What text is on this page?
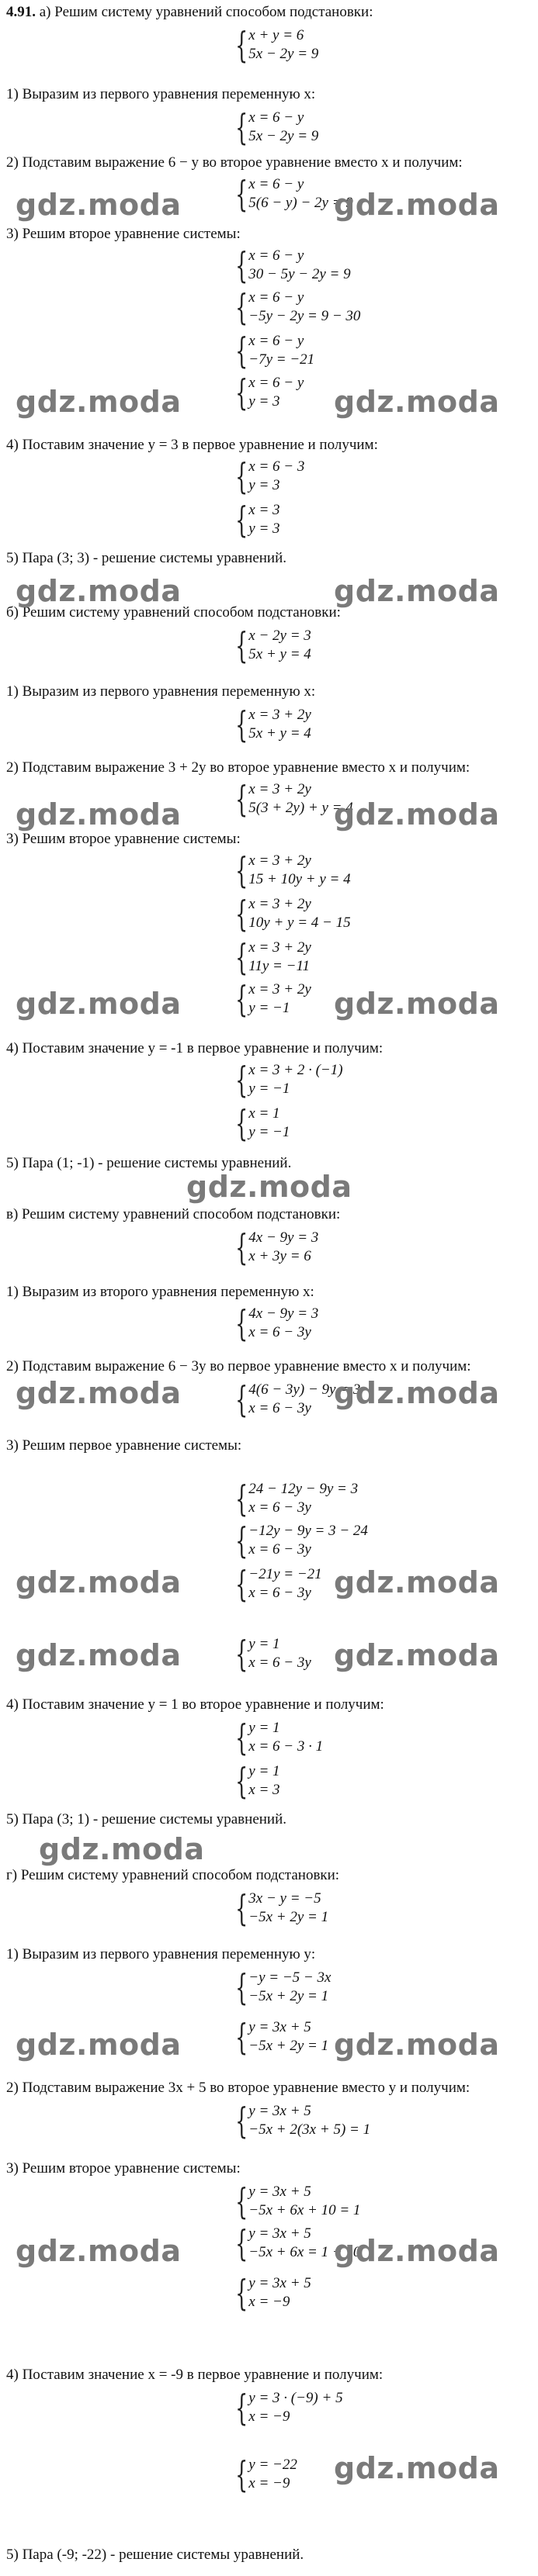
4.91. а) Решим систему уравнений способом подстановки:
1) Выразим из первого уравнения переменную x:
2) Подставим выражение 6 − y во второе уравнение вместо x и получим:
3) Решим второе уравнение системы:
4) Поставим значение y = 3 в первое уравнение и получим:
5) Пара (3; 3) - решение системы уравнений.
б) Решим систему уравнений способом подстановки:
1) Выразим из первого уравнения переменную x:
2) Подставим выражение 3 + 2y во второе уравнение вместо x и получим:
3) Решим второе уравнение системы:
4) Поставим значение y = -1 в первое уравнение и получим:
5) Пара (1; -1) - решение системы уравнений.
в) Решим систему уравнений способом подстановки:
1) Выразим из второго уравнения переменную x:
2) Подставим выражение 6 − 3y во первое уравнение вместо x и получим:
3) Решим первое уравнение системы:
4) Поставим значение y = 1 во второе уравнение и получим:
5) Пара (3; 1) - решение системы уравнений.
г) Решим систему уравнений способом подстановки:
1) Выразим из первого уравнения переменную y:
2) Подставим выражение 3x + 5 во второе уравнение вместо y и получим:
3) Решим второе уравнение системы:
4) Поставим значение x = -9 в первое уравнение и получим:
5) Пара (-9; -22) - решение системы уравнений.
{ x + y = 6
5x − 2y = 9
{ x = 6 − y
5x − 2y = 9
{ x = 6 − y
5(6 − y) − 2y = 9
{ x = 6 − y
30 − 5y − 2y = 9
{ x = 6 − y
−5y − 2y = 9 − 30
{ x = 6 − y
−7y = −21
{ x = 6 − y
y = 3
{ x = 6 − 3
y = 3
{ x = 3
y = 3
{ x − 2y = 3
5x + y = 4
{ x = 3 + 2y
5x + y = 4
{ x = 3 + 2y
5(3 + 2y) + y = 4
{ x = 3 + 2y
15 + 10y + y = 4
{ x = 3 + 2y
10y + y = 4 − 15
{ x = 3 + 2y
11y = −11
{ x = 3 + 2y
y = −1
{ x = 3 + 2 · (−1)
y = −1
{ x = 1
y = −1
{ 4x − 9y = 3
x + 3y = 6
{ 4x − 9y = 3
x = 6 − 3y
{ 4(6 − 3y) − 9y = 3
x = 6 − 3y
{ 24 − 12y − 9y = 3
x = 6 − 3y
{ −12y − 9y = 3 − 24
x = 6 − 3y
{ −21y = −21
x = 6 − 3y
{ y = 1
x = 6 − 3y
{ y = 1
x = 6 − 3 · 1
{ y = 1
x = 3
{ 3x − y = −5
−5x + 2y = 1
{ −y = −5 − 3x
−5x + 2y = 1
{ y = 3x + 5
−5x + 2y = 1
{ y = 3x + 5
−5x + 2(3x + 5) = 1
{ y = 3x + 5
−5x + 6x + 10 = 1
{ y = 3x + 5
−5x + 6x = 1 − 10
{ y = 3x + 5
x = −9
{ y = 3 · (−9) + 5
x = −9
{ y = −22
x = −9
gdz.moda	gdz.moda
gdz.moda	gdz.moda
gdz.moda	gdz.moda
gdz.moda	gdz.moda
gdz.moda	gdz.moda
gdz.moda
gdz.moda	gdz.moda
gdz.moda	gdz.moda
gdz.moda	gdz.moda
gdz.moda
gdz.moda	gdz.moda
gdz.moda	gdz.moda
gdz.moda
